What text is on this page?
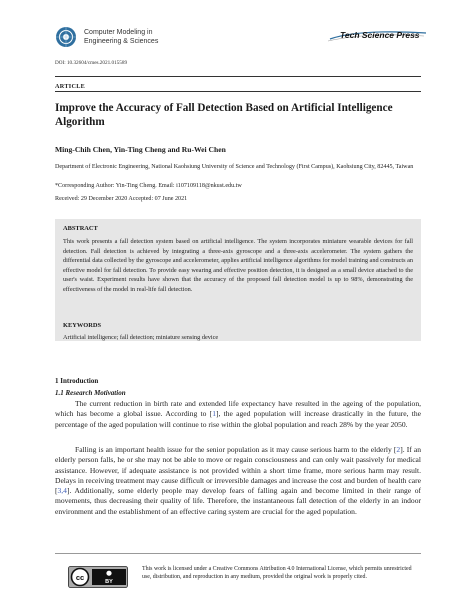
Computer Modeling in
Engineering & Sciences
Tech Science Press
DOI: 10.32604/cmes.2021.015589
ARTICLE
Improve the Accuracy of Fall Detection Based on Artificial Intelligence Algorithm
Ming-Chih Chen, Yin-Ting Cheng and Ru-Wei Chen
Department of Electronic Engineering, National Kaohsiung University of Science and Technology (First Campus), Kaohsiung City, 82445, Taiwan
*Corresponding Author: Yin-Ting Cheng. Email: i107109118@nkust.edu.tw
Received: 29 December 2020 Accepted: 07 June 2021
ABSTRACT
This work presents a fall detection system based on artificial intelligence. The system incorporates miniature wearable devices for fall detection. Fall detection is achieved by integrating a three-axis gyroscope and a three-axis accelerometer. The system gathers the differential data collected by the gyroscope and accelerometer, applies artificial intelligence algorithms for model training and constructs an effective model for fall detection. To provide easy wearing and effective position detection, it is designed as a small device attached to the user's waist. Experiment results have shown that the accuracy of the proposed fall detection model is up to 98%, demonstrating the effectiveness of the model in real-life fall detection.
KEYWORDS
Artificial intelligence; fall detection; miniature sensing device
1 Introduction
1.1 Research Motivation
The current reduction in birth rate and extended life expectancy have resulted in the ageing of the population, which has become a global issue. According to [1], the aged population will increase drastically in the future, the percentage of the aged population will continue to rise within the global population and reach 28% by the year 2050.
Falling is an important health issue for the senior population as it may cause serious harm to the elderly [2]. If an elderly person falls, he or she may not be able to move or regain consciousness and can only wait passively for medical assistance. However, if adequate assistance is not provided within a short time frame, more serious harm may result. Delays in receiving treatment may cause difficult or irreversible damages and increase the cost and burden of health care [3,4]. Additionally, some elderly people may develop fears of falling again and become limited in their range of movements, thus decreasing their quality of life. Therefore, the instantaneous fall detection of the elderly in an indoor environment and the establishment of an effective caring system are crucial for the aged population.
cc
BY
This work is licensed under a Creative Commons Attribution 4.0 International License, which permits unrestricted use, distribution, and reproduction in any medium, provided the original work is properly cited.
